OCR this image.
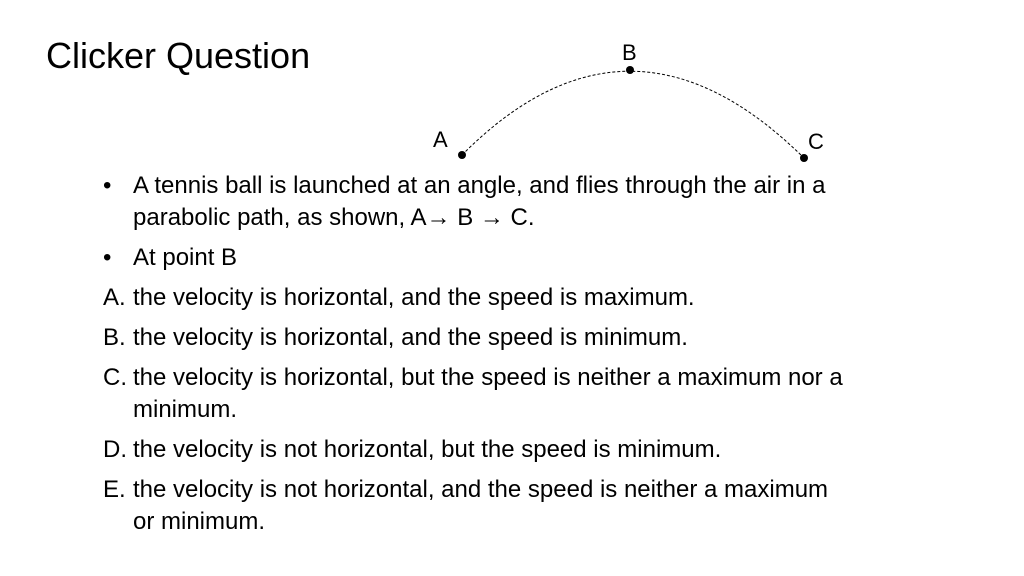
Clicker Question
A
B
C
• A tennis ball is launched at an angle, and flies through the air in a parabolic path, as shown, A→ B → C.
• At point B
A. the velocity is horizontal, and the speed is maximum.
B. the velocity is horizontal, and the speed is minimum.
C. the velocity is horizontal, but the speed is neither a maximum nor a minimum.
D. the velocity is not horizontal, but the speed is minimum.
E. the velocity is not horizontal, and the speed is neither a maximum or minimum.
